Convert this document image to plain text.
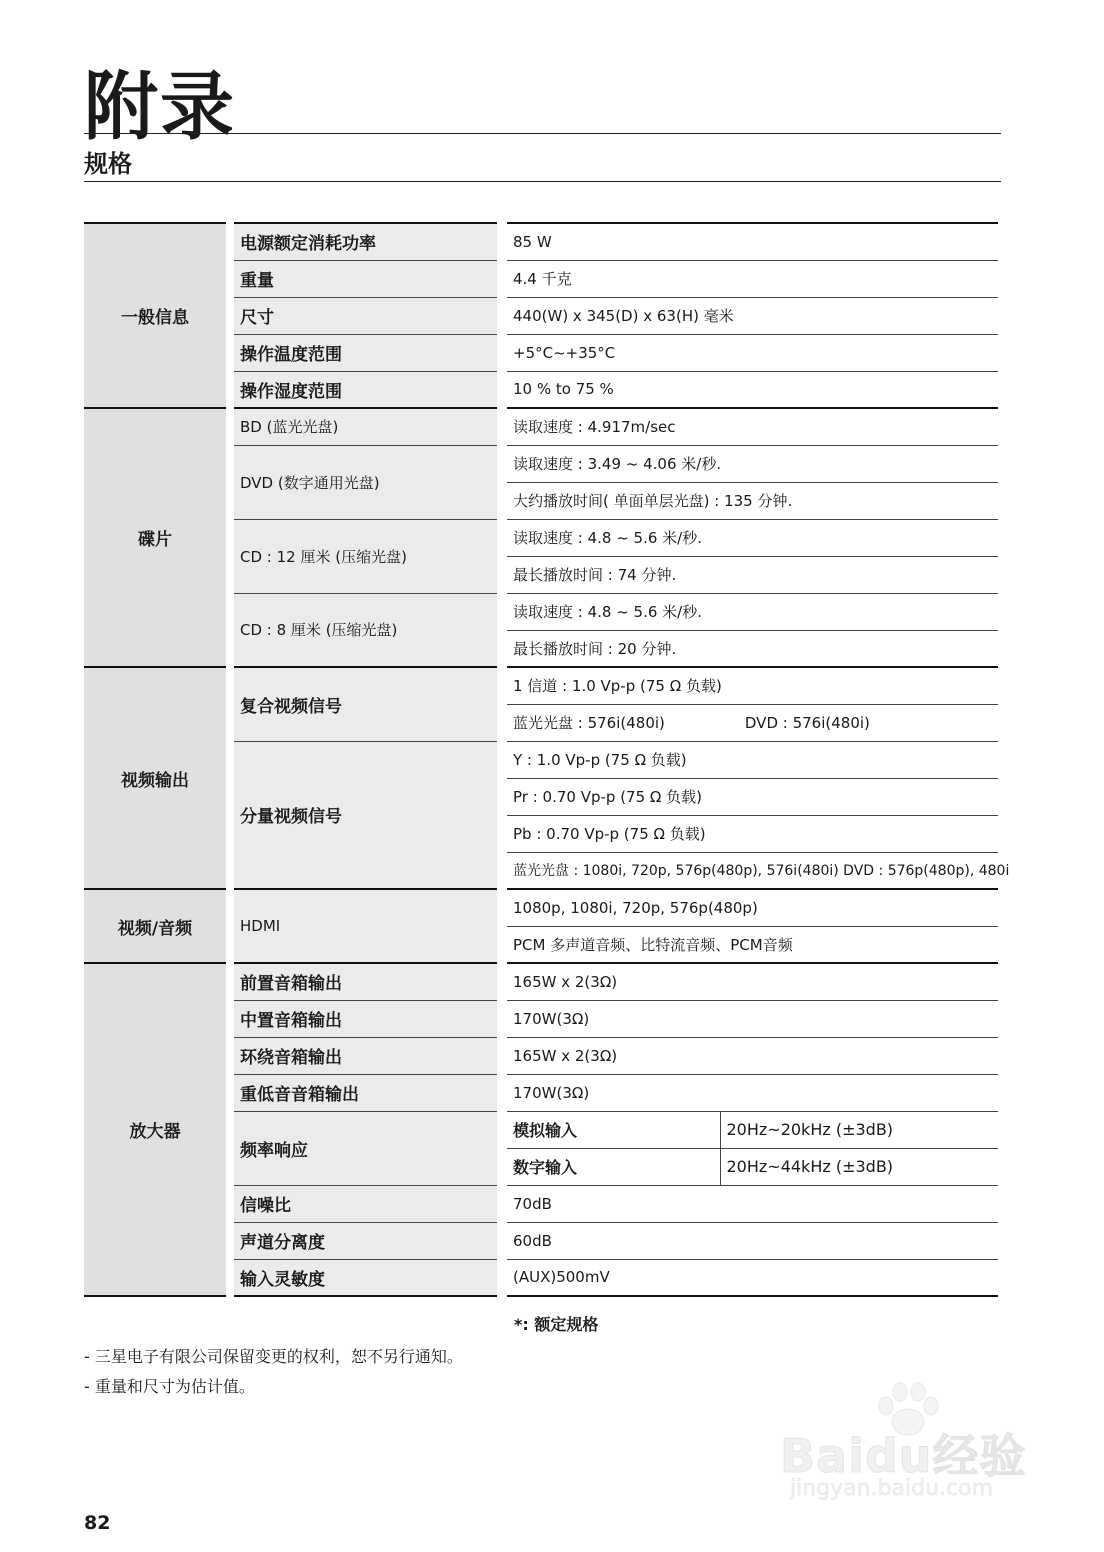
附录
规格
一般信息	电源额定消耗功率	85 W	
	重量	4.4 千克	
	尺寸	440(W) x 345(D) x 63(H) 毫米	
	操作温度范围	+5°C~+35°C	
	操作湿度范围	10 % to 75 %	
碟片	BD (蓝光光盘)	读取速度 : 4.917m/sec	
	DVD (数字通用光盘)	读取速度 : 3.49 ~ 4.06 米/秒.	
		大约播放时间( 单面单层光盘) : 135 分钟.	
	CD : 12 厘米 (压缩光盘)	读取速度 : 4.8 ~ 5.6 米/秒.	
		最长播放时间 : 74 分钟.	
	CD : 8 厘米 (压缩光盘)	读取速度 : 4.8 ~ 5.6 米/秒.	
		最长播放时间 : 20 分钟.	
视频输出	复合视频信号	1 信道 : 1.0 Vp-p (75 Ω 负载)	
		蓝光光盘 : 576i(480i) DVD : 576i(480i)	
	分量视频信号	Y : 1.0 Vp-p (75 Ω 负载)	
		Pr : 0.70 Vp-p (75 Ω 负载)	
		Pb : 0.70 Vp-p (75 Ω 负载)	
		蓝光光盘 : 1080i, 720p, 576p(480p), 576i(480i) DVD : 576p(480p), 480i	
视频/音频	HDMI	1080p, 1080i, 720p, 576p(480p)	
		PCM 多声道音频、比特流音频、PCM音频	
放大器	前置音箱输出	165W x 2(3Ω)	
	中置音箱输出	170W(3Ω)	
	环绕音箱输出	165W x 2(3Ω)	
	重低音音箱输出	170W(3Ω)	
	频率响应	模拟输入	20Hz~20kHz (±3dB)
		数字输入	20Hz~44kHz (±3dB)
	信噪比	70dB	
	声道分离度	60dB	
	输入灵敏度	(AUX)500mV	
*: 额定规格
- 三星电子有限公司保留变更的权利，恕不另行通知。
- 重量和尺寸为估计值。
Baidu经验
jingyan.baidu.com
82
